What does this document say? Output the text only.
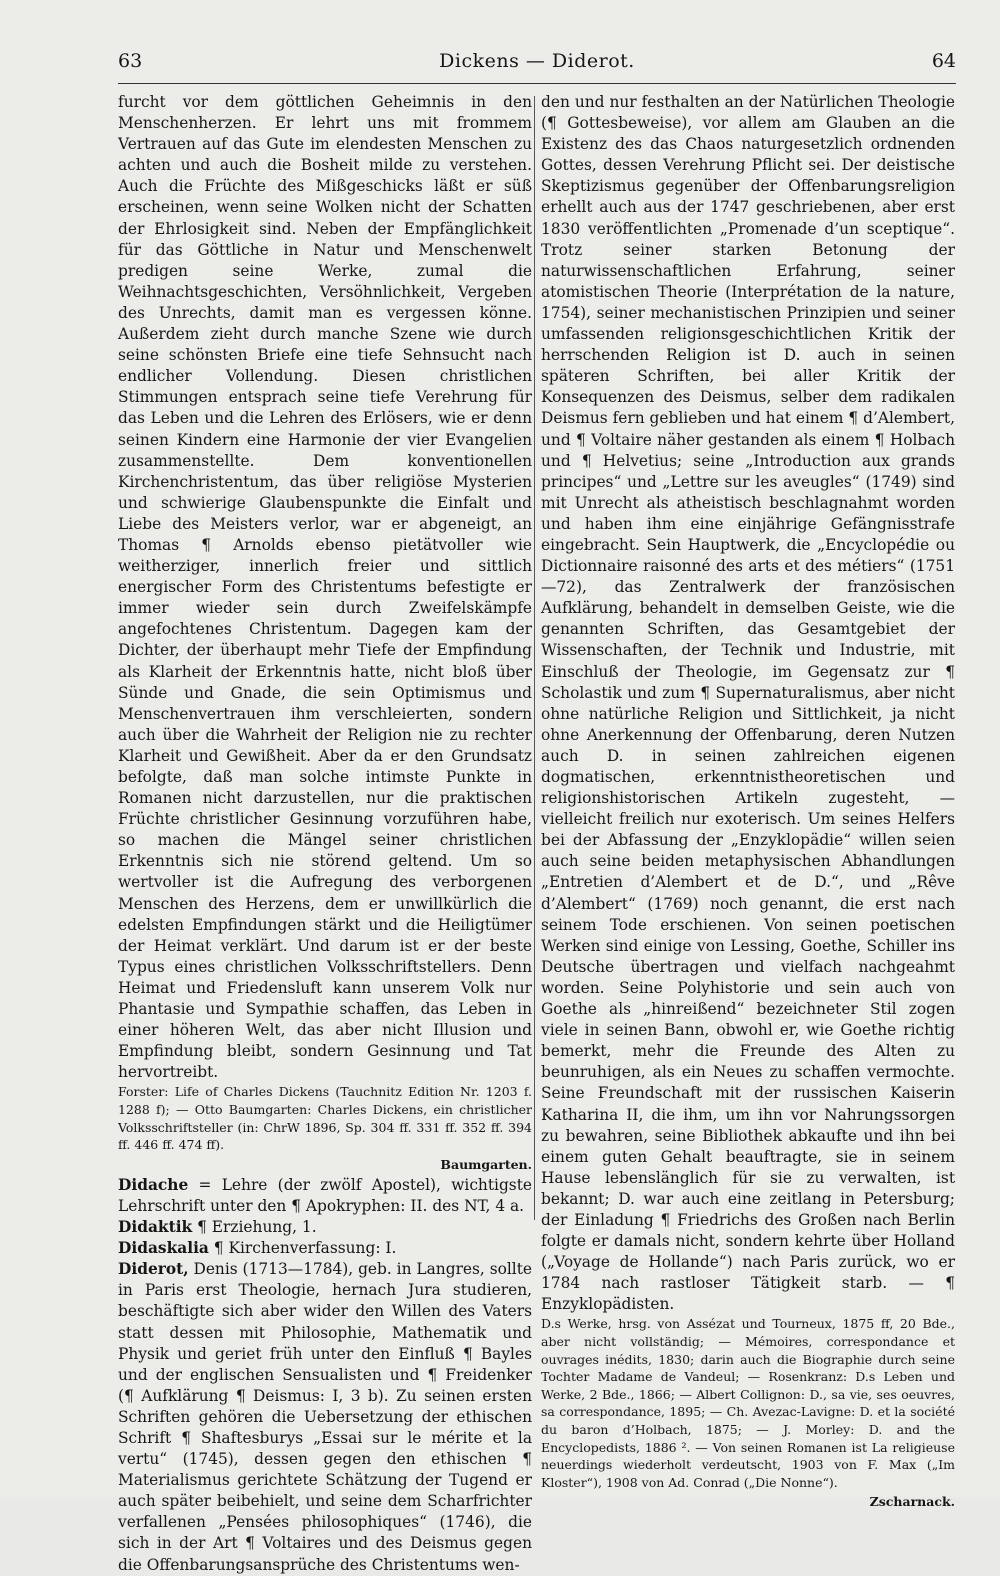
63	Dickens — Diderot.	64

furcht vor dem göttlichen Geheimnis in den Menschenherzen. Er lehrt uns mit frommem Vertrauen auf das Gute im elendesten Menschen zu achten und auch die Bosheit milde zu verstehen. Auch die Früchte des Mißgeschicks läßt er süß erscheinen, wenn seine Wolken nicht der Schatten der Ehrlosigkeit sind. Neben der Empfänglichkeit für das Göttliche in Natur und Menschenwelt predigen seine Werke, zumal die Weihnachtsgeschichten, Versöhnlichkeit, Vergeben des Unrechts, damit man es vergessen könne. Außerdem zieht durch manche Szene wie durch seine schönsten Briefe eine tiefe Sehnsucht nach endlicher Vollendung. Diesen christlichen Stimmungen entsprach seine tiefe Verehrung für das Leben und die Lehren des Erlösers, wie er denn seinen Kindern eine Harmonie der vier Evangelien zusammenstellte. Dem konventionellen Kirchenchristentum, das über religiöse Mysterien und schwierige Glaubenspunkte die Einfalt und Liebe des Meisters verlor, war er abgeneigt, an Thomas ¶ Arnolds ebenso pietätvoller wie weitherziger, innerlich freier und sittlich energischer Form des Christentums befestigte er immer wieder sein durch Zweifelskämpfe angefochtenes Christentum. Dagegen kam der Dichter, der überhaupt mehr Tiefe der Empfindung als Klarheit der Erkenntnis hatte, nicht bloß über Sünde und Gnade, die sein Optimismus und Menschenvertrauen ihm verschleierten, sondern auch über die Wahrheit der Religion nie zu rechter Klarheit und Gewißheit. Aber da er den Grundsatz befolgte, daß man solche intimste Punkte in Romanen nicht darzustellen, nur die praktischen Früchte christlicher Gesinnung vorzuführen habe, so machen die Mängel seiner christlichen Erkenntnis sich nie störend geltend. Um so wertvoller ist die Aufregung des verborgenen Menschen des Herzens, dem er unwillkürlich die edelsten Empfindungen stärkt und die Heiligtümer der Heimat verklärt. Und darum ist er der beste Typus eines christlichen Volksschriftstellers. Denn Heimat und Friedensluft kann unserem Volk nur Phantasie und Sympathie schaffen, das Leben in einer höheren Welt, das aber nicht Illusion und Empfindung bleibt, sondern Gesinnung und Tat hervortreibt.

Forster: Life of Charles Dickens (Tauchnitz Edition Nr. 1203 f. 1288 f); — Otto Baumgarten: Charles Dickens, ein christlicher Volksschriftsteller (in: ChrW 1896, Sp. 304 ff. 331 ff. 352 ff. 394 ff. 446 ff. 474 ff).

Baumgarten.

Didache = Lehre (der zwölf Apostel), wichtigste Lehrschrift unter den ¶ Apokryphen: II. des NT, 4 a.

Didaktik ¶ Erziehung, 1.

Didaskalia ¶ Kirchenverfassung: I.

Diderot, Denis (1713—1784), geb. in Langres, sollte in Paris erst Theologie, hernach Jura studieren, beschäftigte sich aber wider den Willen des Vaters statt dessen mit Philosophie, Mathematik und Physik und geriet früh unter den Einfluß ¶ Bayles und der englischen Sensualisten und ¶ Freidenker (¶ Aufklärung ¶ Deismus: I, 3 b). Zu seinen ersten Schriften gehören die Uebersetzung der ethischen Schrift ¶ Shaftesburys „Essai sur le mérite et la vertu“ (1745), dessen gegen den ethischen ¶ Materialismus gerichtete Schätzung der Tugend er auch später beibehielt, und seine dem Scharfrichter verfallenen „Pensées philosophiques“ (1746), die sich in der Art ¶ Voltaires und des Deismus gegen die Offenbarungsansprüche des Christentums wen-

den und nur festhalten an der Natürlichen Theologie (¶ Gottesbeweise), vor allem am Glauben an die Existenz des das Chaos naturgesetzlich ordnenden Gottes, dessen Verehrung Pflicht sei. Der deistische Skeptizismus gegenüber der Offenbarungsreligion erhellt auch aus der 1747 geschriebenen, aber erst 1830 veröffentlichten „Promenade d’un sceptique“. Trotz seiner starken Betonung der naturwissenschaftlichen Erfahrung, seiner atomistischen Theorie (Interprétation de la nature, 1754), seiner mechanistischen Prinzipien und seiner umfassenden religionsgeschichtlichen Kritik der herrschenden Religion ist D. auch in seinen späteren Schriften, bei aller Kritik der Konsequenzen des Deismus, selber dem radikalen Deismus fern geblieben und hat einem ¶ d’Alembert, und ¶ Voltaire näher gestanden als einem ¶ Holbach und ¶ Helvetius; seine „Introduction aux grands principes“ und „Lettre sur les aveugles“ (1749) sind mit Unrecht als atheistisch beschlagnahmt worden und haben ihm eine einjährige Gefängnisstrafe eingebracht. Sein Hauptwerk, die „Encyclopédie ou Dictionnaire raisonné des arts et des métiers“ (1751—72), das Zentralwerk der französischen Aufklärung, behandelt in demselben Geiste, wie die genannten Schriften, das Gesamtgebiet der Wissenschaften, der Technik und Industrie, mit Einschluß der Theologie, im Gegensatz zur ¶ Scholastik und zum ¶ Supernaturalismus, aber nicht ohne natürliche Religion und Sittlichkeit, ja nicht ohne Anerkennung der Offenbarung, deren Nutzen auch D. in seinen zahlreichen eigenen dogmatischen, erkenntnistheoretischen und religionshistorischen Artikeln zugesteht, — vielleicht freilich nur exoterisch. Um seines Helfers bei der Abfassung der „Enzyklopädie“ willen seien auch seine beiden metaphysischen Abhandlungen „Entretien d’Alembert et de D.“, und „Rêve d’Alembert“ (1769) noch genannt, die erst nach seinem Tode erschienen. Von seinen poetischen Werken sind einige von Lessing, Goethe, Schiller ins Deutsche übertragen und vielfach nachgeahmt worden. Seine Polyhistorie und sein auch von Goethe als „hinreißend“ bezeichneter Stil zogen viele in seinen Bann, obwohl er, wie Goethe richtig bemerkt, mehr die Freunde des Alten zu beunruhigen, als ein Neues zu schaffen vermochte. Seine Freundschaft mit der russischen Kaiserin Katharina II, die ihm, um ihn vor Nahrungssorgen zu bewahren, seine Bibliothek abkaufte und ihn bei einem guten Gehalt beauftragte, sie in seinem Hause lebenslänglich für sie zu verwalten, ist bekannt; D. war auch eine zeitlang in Petersburg; der Einladung ¶ Friedrichs des Großen nach Berlin folgte er damals nicht, sondern kehrte über Holland („Voyage de Hollande“) nach Paris zurück, wo er 1784 nach rastloser Tätigkeit starb. — ¶ Enzyklopädisten.

D.s Werke, hrsg. von Assézat und Tourneux, 1875 ff, 20 Bde., aber nicht vollständig; — Mémoires, correspondance et ouvrages inédits, 1830; darin auch die Biographie durch seine Tochter Madame de Vandeul; — Rosenkranz: D.s Leben und Werke, 2 Bde., 1866; — Albert Collignon: D., sa vie, ses oeuvres, sa correspondance, 1895; — Ch. Avezac-Lavigne: D. et la société du baron d’Holbach, 1875; — J. Morley: D. and the Encyclopedists, 1886 ². — Von seinen Romanen ist La religieuse neuerdings wiederholt verdeutscht, 1903 von F. Max („Im Kloster“), 1908 von Ad. Conrad („Die Nonne“).

Zscharnack.
